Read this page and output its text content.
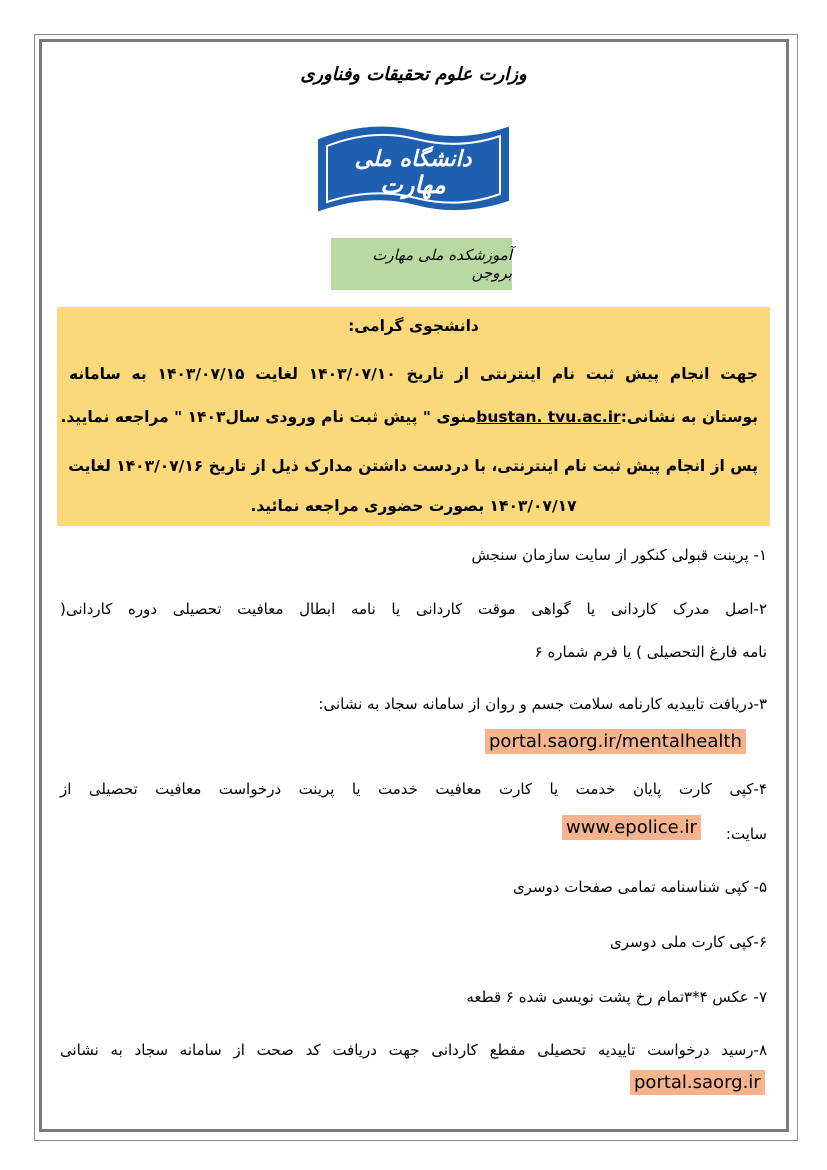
وزارت علوم تحقیقات وفناوری
دانشگاه ملی
مهارت
آموزشکده ملی مهارت بروجن
دانشجوی گرامی:
جهت انجام پیش ثبت نام اینترنتی از تاریخ ۱۴۰۳/۰۷/۱۰ لغایت ۱۴۰۳/۰۷/۱۵ به سامانه
بوستان به نشانی:
bustan. tvu.ac.ir
منوی " پیش ثبت نام ورودی سال۱۴۰۳ " مراجعه نمایید.
پس از انجام پیش ثبت نام اینترنتی، با دردست داشتن مدارک ذیل از تاریخ ۱۴۰۳/۰۷/۱۶ لغایت
۱۴۰۳/۰۷/۱۷ بصورت حضوری مراجعه نمائید.
۱- پرینت قبولی کنکور از سایت سازمان سنجش
۲-اصل مدرک کاردانی یا گواهی موقت کاردانی یا نامه ابطال معافیت تحصیلی دوره کاردانی(
نامه فارغ التحصیلی ) یا فرم شماره ۶
۳-دریافت تاییدیه کارنامه سلامت جسم و روان از سامانه سجاد به نشانی:
portal.saorg.ir/mentalhealth
۴-کپی کارت پایان خدمت یا کارت معافیت خدمت یا پرینت درخواست معافیت تحصیلی از
سایت:
www.epolice.ir
۵- کپی شناسنامه تمامی صفحات دوسری
۶-کپی کارت ملی دوسری
۷- عکس ۴*۳تمام رخ پشت نویسی شده ۶ قطعه
۸-رسید درخواست تاییدیه تحصیلی مقطع کاردانی جهت دریافت کد صحت از سامانه سجاد به نشانی
portal.saorg.ir
